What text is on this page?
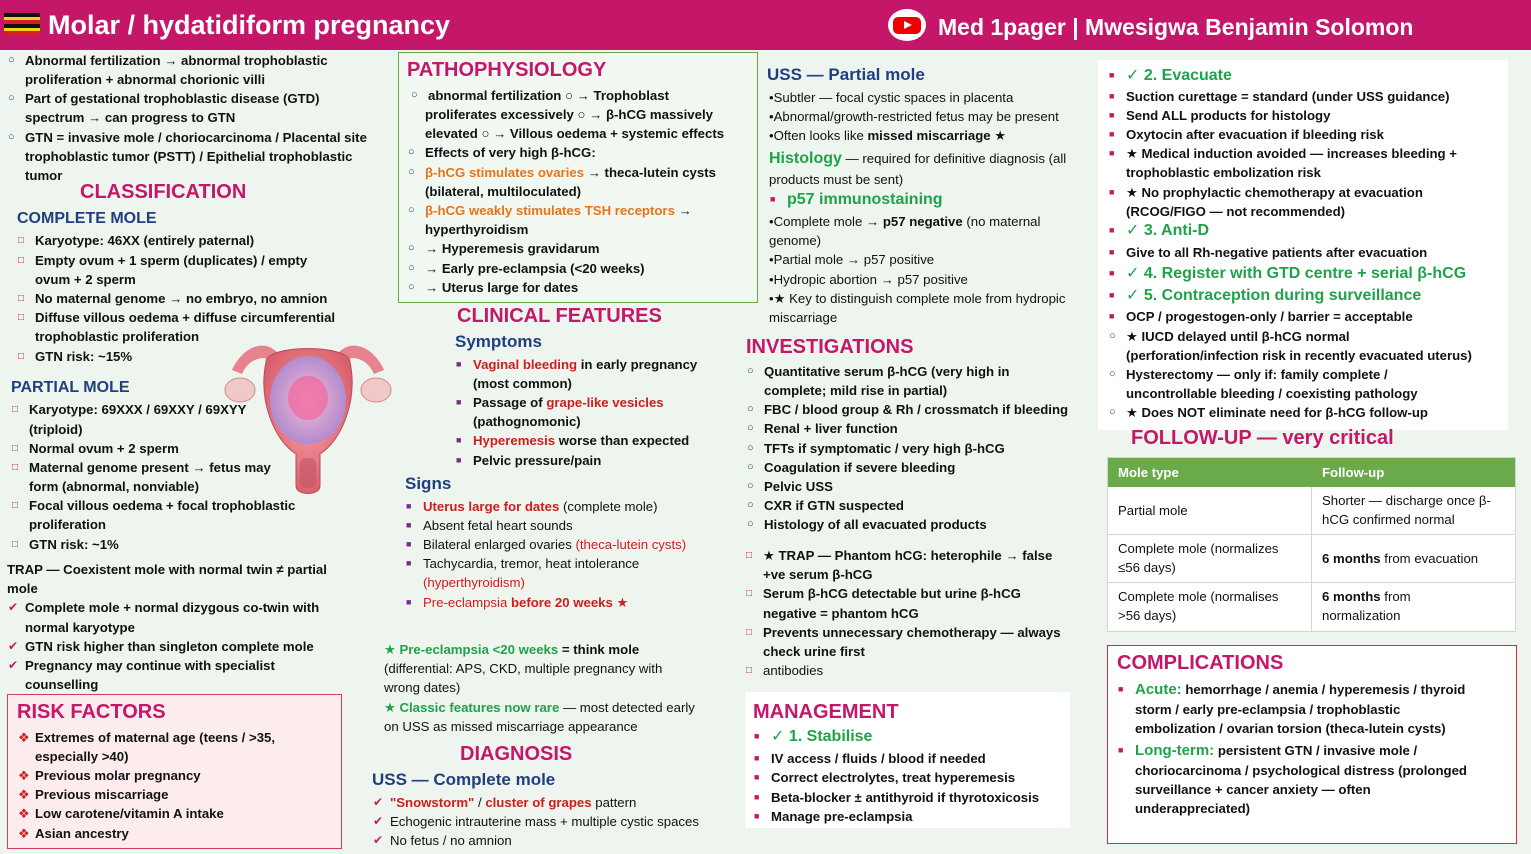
Molar / hydatidiform pregnancy	Med 1pager | Mwesigwa Benjamin Solomon
○ Abnormal fertilization → abnormal trophoblastic
proliferation + abnormal chorionic villi
○ Part of gestational trophoblastic disease (GTD)
spectrum → can progress to GTN
○ GTN = invasive mole / choriocarcinoma / Placental site
trophoblastic tumor (PSTT) / Epithelial trophoblastic
tumor
CLASSIFICATION
COMPLETE MOLE
□ Karyotype: 46XX (entirely paternal)
□ Empty ovum + 1 sperm (duplicates) / empty
ovum + 2 sperm
□ No maternal genome → no embryo, no amnion
□ Diffuse villous oedema + diffuse circumferential
trophoblastic proliferation
□ GTN risk: ~15%
PARTIAL MOLE
□ Karyotype: 69XXX / 69XXY / 69XYY
(triploid)
□ Normal ovum + 2 sperm
□ Maternal genome present → fetus may
form (abnormal, nonviable)
□ Focal villous oedema + focal trophoblastic
proliferation
□ GTN risk: ~1%
TRAP — Coexistent mole with normal twin ≠ partial
mole
✔ Complete mole + normal dizygous co-twin with
normal karyotype
✔ GTN risk higher than singleton complete mole
✔ Pregnancy may continue with specialist
counselling
RISK FACTORS
❖ Extremes of maternal age (teens / >35,
especially >40)
❖ Previous molar pregnancy
❖ Previous miscarriage
❖ Low carotene/vitamin A intake
❖ Asian ancestry
PATHOPHYSIOLOGY
○ abnormal fertilization ○ → Trophoblast
proliferates excessively ○ → β-hCG massively
elevated ○ → Villous oedema + systemic effects
○ Effects of very high β-hCG:
○ β-hCG stimulates ovaries → theca-lutein cysts
(bilateral, multiloculated)
○ β-hCG weakly stimulates TSH receptors →
hyperthyroidism
○ → Hyperemesis gravidarum
○ → Early pre-eclampsia (<20 weeks)
○ → Uterus large for dates
CLINICAL FEATURES
Symptoms
■ Vaginal bleeding in early pregnancy
(most common)
■ Passage of grape-like vesicles
(pathognomonic)
■ Hyperemesis worse than expected
■ Pelvic pressure/pain
Signs
■ Uterus large for dates (complete mole)
■ Absent fetal heart sounds
■ Bilateral enlarged ovaries (theca-lutein cysts)
■ Tachycardia, tremor, heat intolerance
(hyperthyroidism)
■ Pre-eclampsia before 20 weeks ★
★ Pre-eclampsia <20 weeks = think mole
(differential: APS, CKD, multiple pregnancy with
wrong dates)
★ Classic features now rare — most detected early
on USS as missed miscarriage appearance
DIAGNOSIS
USS — Complete mole
✔ "Snowstorm" / cluster of grapes pattern
✔ Echogenic intrauterine mass + multiple cystic spaces
✔ No fetus / no amnion
USS — Partial mole
•Subtler — focal cystic spaces in placenta
•Abnormal/growth-restricted fetus may be present
•Often looks like missed miscarriage ★
Histology — required for definitive diagnosis (all
products must be sent)
■ p57 immunostaining
•Complete mole → p57 negative (no maternal
genome)
•Partial mole → p57 positive
•Hydropic abortion → p57 positive
•★ Key to distinguish complete mole from hydropic
miscarriage
INVESTIGATIONS
○ Quantitative serum β-hCG (very high in
complete; mild rise in partial)
○ FBC / blood group & Rh / crossmatch if bleeding
○ Renal + liver function
○ TFTs if symptomatic / very high β-hCG
○ Coagulation if severe bleeding
○ Pelvic USS
○ CXR if GTN suspected
○ Histology of all evacuated products
□ ★ TRAP — Phantom hCG: heterophile → false
+ve serum β-hCG
□ Serum β-hCG detectable but urine β-hCG
negative = phantom hCG
□ Prevents unnecessary chemotherapy — always
check urine first
□ antibodies
MANAGEMENT
■ ✓ 1. Stabilise
■ IV access / fluids / blood if needed
■ Correct electrolytes, treat hyperemesis
■ Beta-blocker ± antithyroid if thyrotoxicosis
■ Manage pre-eclampsia
■ ✓ 2. Evacuate
■ Suction curettage = standard (under USS guidance)
■ Send ALL products for histology
■ Oxytocin after evacuation if bleeding risk
■ ★ Medical induction avoided — increases bleeding +
trophoblastic embolization risk
■ ★ No prophylactic chemotherapy at evacuation
(RCOG/FIGO — not recommended)
■ ✓ 3. Anti-D
■ Give to all Rh-negative patients after evacuation
■ ✓ 4. Register with GTD centre + serial β-hCG
■ ✓ 5. Contraception during surveillance
■ OCP / progestogen-only / barrier = acceptable
○ ★ IUCD delayed until β-hCG normal
(perforation/infection risk in recently evacuated uterus)
○ Hysterectomy — only if: family complete /
uncontrollable bleeding / coexisting pathology
○ ★ Does NOT eliminate need for β-hCG follow-up
FOLLOW-UP — very critical
Mole type	Follow-up
Partial mole
Shorter — discharge once β-
hCG confirmed normal
Complete mole (normalizes
≤56 days)
6 months from evacuation
Complete mole (normalises
>56 days)
6 months from
normalization
COMPLICATIONS
■ Acute: hemorrhage / anemia / hyperemesis / thyroid
storm / early pre-eclampsia / trophoblastic
embolization / ovarian torsion (theca-lutein cysts)
■ Long-term: persistent GTN / invasive mole /
choriocarcinoma / psychological distress (prolonged
surveillance + cancer anxiety — often
underappreciated)
